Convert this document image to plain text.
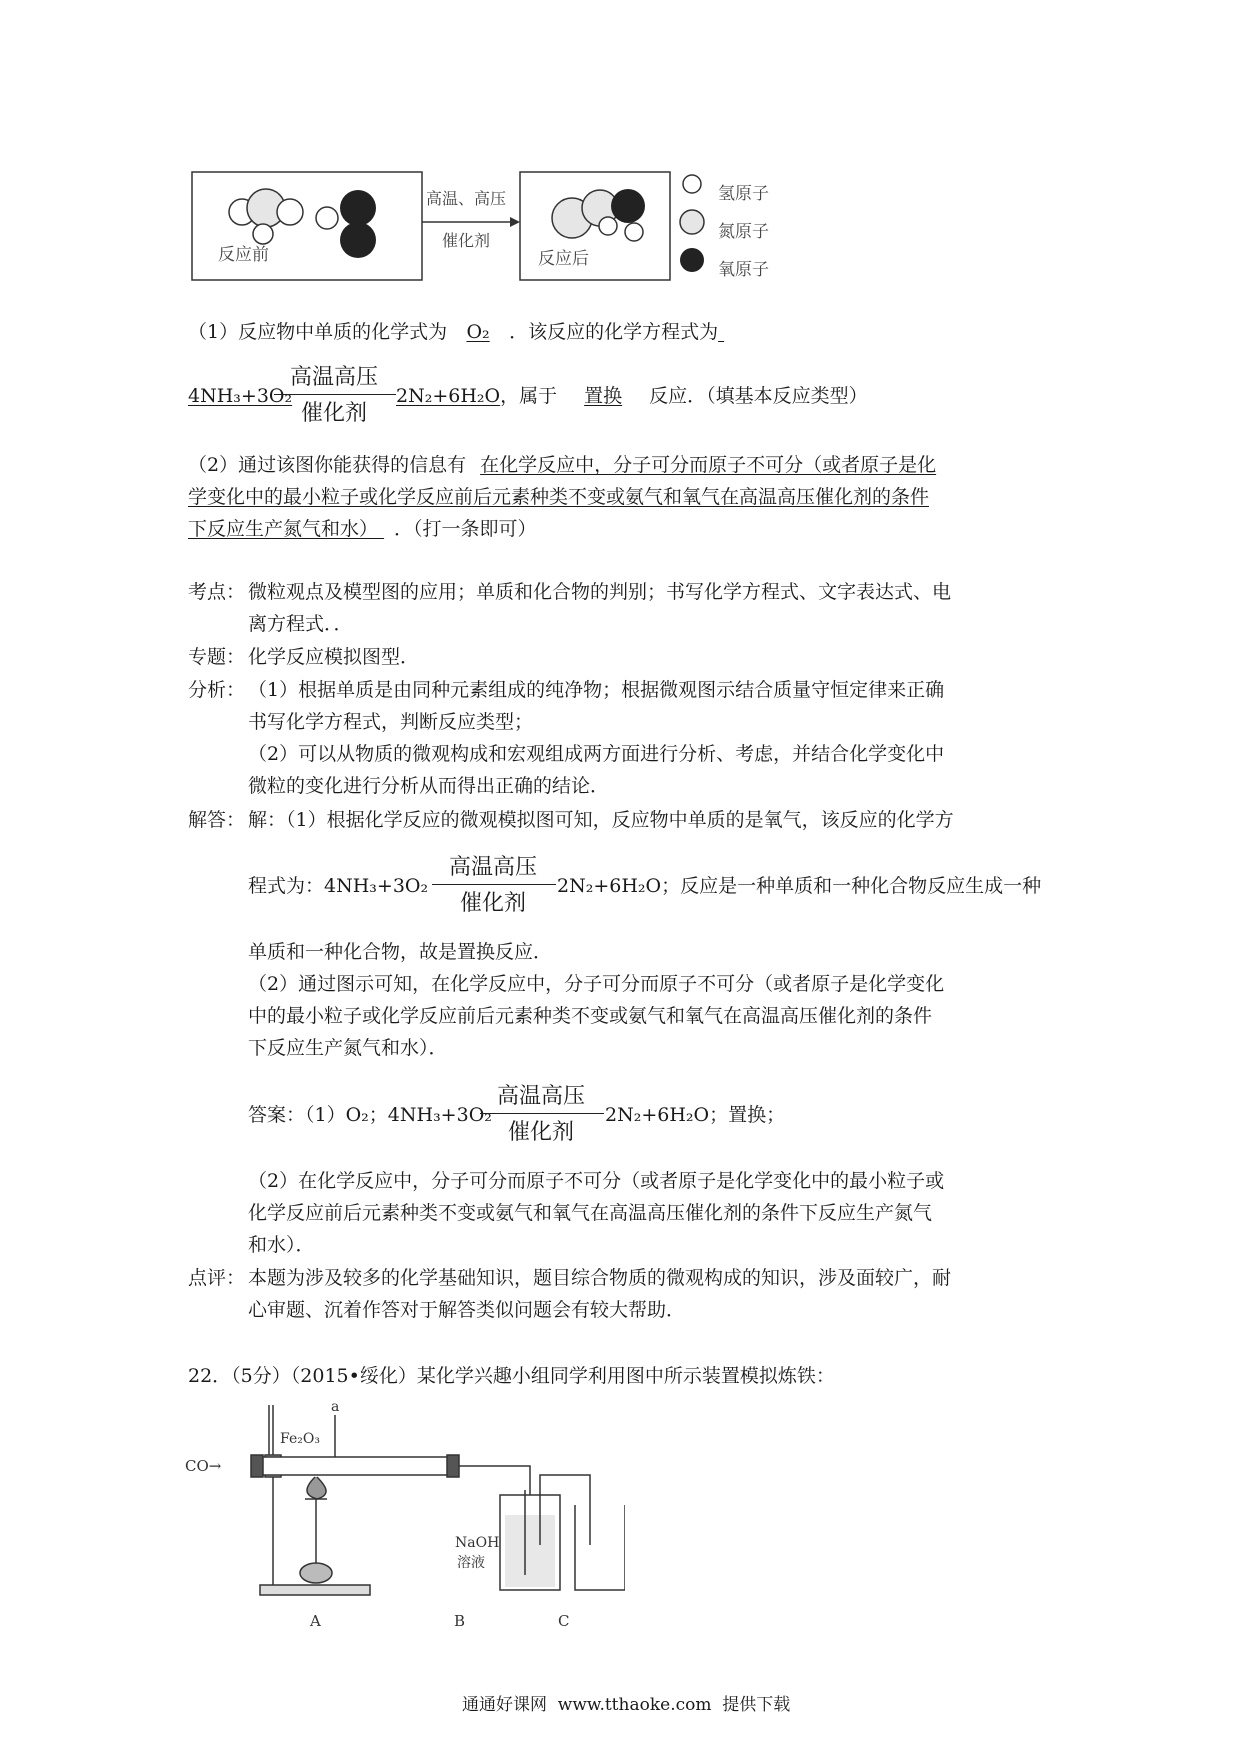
反应前
高温、高压
催化剂
反应后
氢原子
氮原子
氧原子
（1）反应物中单质的化学式为 O₂ ．该反应的化学方程式为
4NH₃+3O₂
高温高压
催化剂
2N₂+6H₂O，属于 置换 反应．（填基本反应类型）
（2）通过该图你能获得的信息有 在化学反应中，分子可分而原子不可分（或者原子是化
学变化中的最小粒子或化学反应前后元素种类不变或氨气和氧气在高温高压催化剂的条件
下反应生产氮气和水） ．（打一条即可）
考点： 微粒观点及模型图的应用；单质和化合物的判别；书写化学方程式、文字表达式、电
离方程式．．
专题： 化学反应模拟图型．
分析： （1）根据单质是由同种元素组成的纯净物；根据微观图示结合质量守恒定律来正确
书写化学方程式，判断反应类型；
（2）可以从物质的微观构成和宏观组成两方面进行分析、考虑，并结合化学变化中
微粒的变化进行分析从而得出正确的结论．
解答： 解：（1）根据化学反应的微观模拟图可知，反应物中单质的是氧气，该反应的化学方
程式为：4NH₃+3O₂
高温高压
催化剂
2N₂+6H₂O；反应是一种单质和一种化合物反应生成一种
单质和一种化合物，故是置换反应．
（2）通过图示可知，在化学反应中，分子可分而原子不可分（或者原子是化学变化
中的最小粒子或化学反应前后元素种类不变或氨气和氧气在高温高压催化剂的条件
下反应生产氮气和水）．
答案：（1）O₂；4NH₃+3O₂
高温高压
催化剂
2N₂+6H₂O；置换；
（2）在化学反应中，分子可分而原子不可分（或者原子是化学变化中的最小粒子或
化学反应前后元素种类不变或氨气和氧气在高温高压催化剂的条件下反应生产氮气
和水）．
点评： 本题为涉及较多的化学基础知识，题目综合物质的微观构成的知识，涉及面较广，耐
心审题、沉着作答对于解答类似问题会有较大帮助．
22．（5分）（2015•绥化）某化学兴趣小组同学利用图中所示装置模拟炼铁：
CO→
Fe₂O₃
a
NaOH
溶液
A	B	C
通通好课网  www.tthaoke.com  提供下载
